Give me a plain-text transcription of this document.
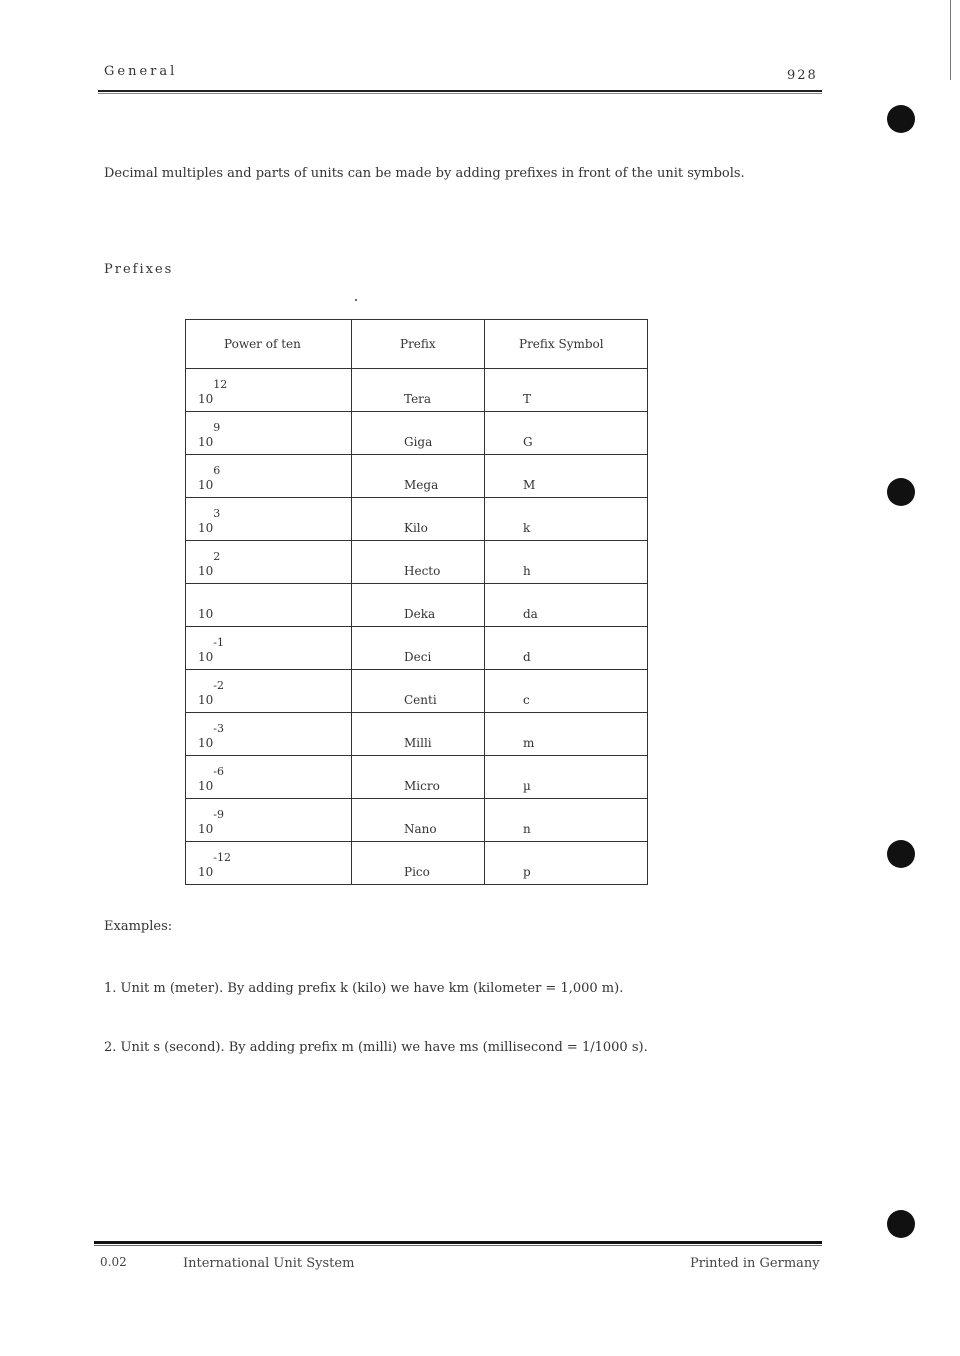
General	928
Decimal multiples and parts of units can be made by adding prefixes in front of the unit symbols.
Prefixes
Power of ten	Prefix	Prefix Symbol
$10^{12}$	Tera	T
$10^9$	Giga	G
$10^6$	Mega	M
$10^3$	Kilo	k
$10^2$	Hecto	h
10	Deka	da
$10^{-1}$	Deci	d
$10^{-2}$	Centi	c
$10^{-3}$	Milli	m
$10^{-6}$	Micro	µ
$10^{-9}$	Nano	n
$10^{-12}$	Pico	p
Examples:
1. Unit m (meter). By adding prefix k (kilo) we have km (kilometer = 1,000 m).
2. Unit s (second). By adding prefix m (milli) we have ms (millisecond = 1/1000 s).
0.02	International Unit System	Printed in Germany
